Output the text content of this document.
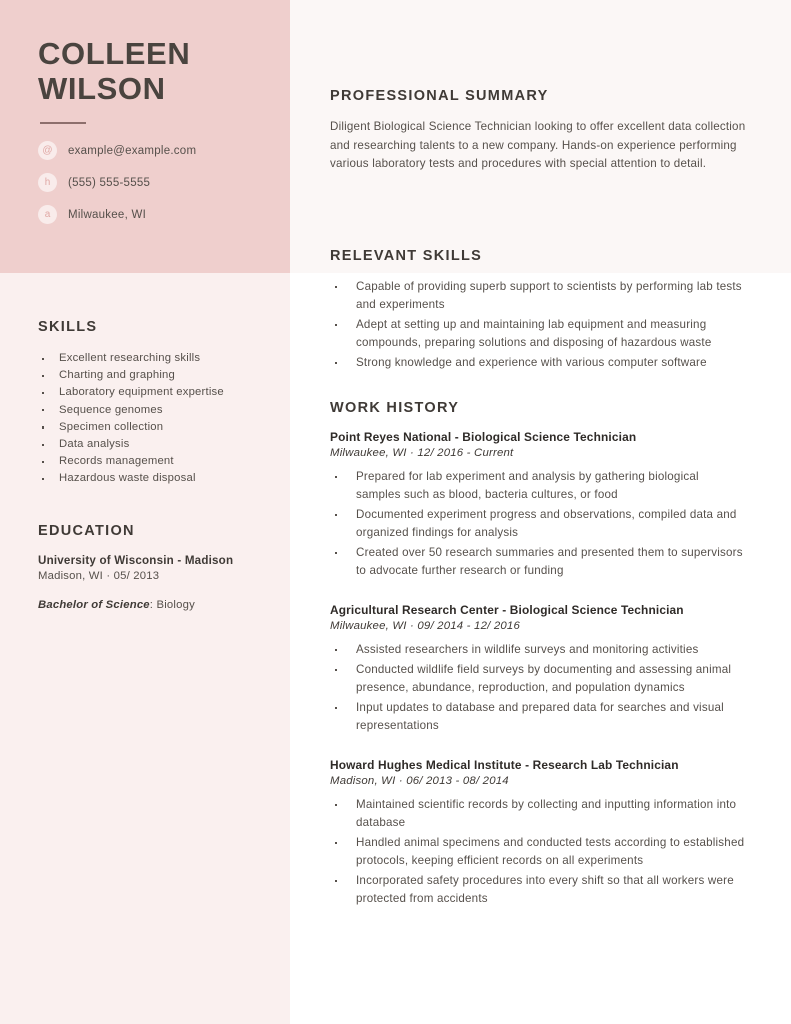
COLLEEN
WILSON
@	example@example.com
h	(555) 555-5555
a	Milwaukee, WI
SKILLS
Excellent researching skills
Charting and graphing
Laboratory equipment expertise
Sequence genomes
Specimen collection
Data analysis
Records management
Hazardous waste disposal
EDUCATION

University of Wisconsin - Madison

Madison, WI · 05/ 2013

Bachelor of Science: Biology

PROFESSIONAL SUMMARY

Diligent Biological Science Technician looking to offer excellent data collection and researching talents to a new company. Hands-on experience performing various laboratory tests and procedures with special attention to detail.

RELEVANT SKILLS
Capable of providing superb support to scientists by performing lab tests and experiments
Adept at setting up and maintaining lab equipment and measuring compounds, preparing solutions and disposing of hazardous waste
Strong knowledge and experience with various computer software
WORK HISTORY

Point Reyes National - Biological Science Technician

Milwaukee, WI · 12/ 2016 - Current

Prepared for lab experiment and analysis by gathering biological samples such as blood, bacteria cultures, or food
Documented experiment progress and observations, compiled data and organized findings for analysis
Created over 50 research summaries and presented them to supervisors to advocate further research or funding

Agricultural Research Center - Biological Science Technician

Milwaukee, WI · 09/ 2014 - 12/ 2016

Assisted researchers in wildlife surveys and monitoring activities
Conducted wildlife field surveys by documenting and assessing animal presence, abundance, reproduction, and population dynamics
Input updates to database and prepared data for searches and visual representations

Howard Hughes Medical Institute - Research Lab Technician

Madison, WI · 06/ 2013 - 08/ 2014

Maintained scientific records by collecting and inputting information into database
Handled animal specimens and conducted tests according to established protocols, keeping efficient records on all experiments
Incorporated safety procedures into every shift so that all workers were protected from accidents
